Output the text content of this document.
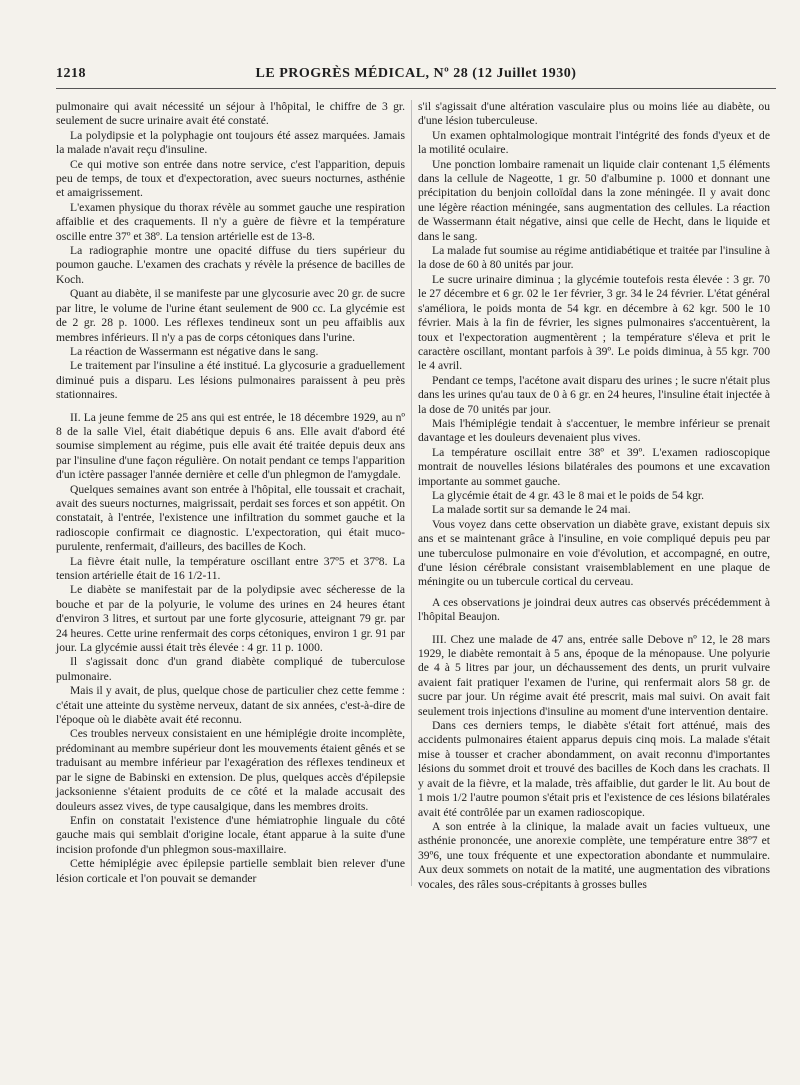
1218	LE PROGRÈS MÉDICAL, Nº 28 (12 Juillet 1930)

pulmonaire qui avait nécessité un séjour à l'hôpital, le chiffre de 3 gr. seulement de sucre urinaire avait été constaté.

La polydipsie et la polyphagie ont toujours été assez marquées. Jamais la malade n'avait reçu d'insuline.

Ce qui motive son entrée dans notre service, c'est l'apparition, depuis peu de temps, de toux et d'expectoration, avec sueurs nocturnes, asthénie et amaigrissement.

L'examen physique du thorax révèle au sommet gauche une respiration affaiblie et des craquements. Il n'y a guère de fièvre et la température oscille entre 37º et 38º. La tension artérielle est de 13-8.

La radiographie montre une opacité diffuse du tiers supérieur du poumon gauche. L'examen des crachats y révèle la présence de bacilles de Koch.

Quant au diabète, il se manifeste par une glycosurie avec 20 gr. de sucre par litre, le volume de l'urine étant seulement de 900 cc. La glycémie est de 2 gr. 28 p. 1000. Les réflexes tendineux sont un peu affaiblis aux membres inférieurs. Il n'y a pas de corps cétoniques dans l'urine.

La réaction de Wassermann est négative dans le sang.

Le traitement par l'insuline a été institué. La glycosurie a graduellement diminué puis a disparu. Les lésions pulmonaires paraissent à peu près stationnaires.

II. La jeune femme de 25 ans qui est entrée, le 18 décembre 1929, au nº 8 de la salle Viel, était diabétique depuis 6 ans. Elle avait d'abord été soumise simplement au régime, puis elle avait été traitée depuis deux ans par l'insuline d'une façon régulière. On notait pendant ce temps l'apparition d'un ictère passager l'année dernière et celle d'un phlegmon de l'amygdale.

Quelques semaines avant son entrée à l'hôpital, elle toussait et crachait, avait des sueurs nocturnes, maigrissait, perdait ses forces et son appétit. On constatait, à l'entrée, l'existence une infiltration du sommet gauche et la radioscopie confirmait ce diagnostic. L'expectoration, qui était muco-purulente, renfermait, d'ailleurs, des bacilles de Koch.

La fièvre était nulle, la température oscillant entre 37º5 et 37º8. La tension artérielle était de 16 1/2-11.

Le diabète se manifestait par de la polydipsie avec sécheresse de la bouche et par de la polyurie, le volume des urines en 24 heures étant d'environ 3 litres, et surtout par une forte glycosurie, atteignant 79 gr. par 24 heures. Cette urine renfermait des corps cétoniques, environ 1 gr. 91 par jour. La glycémie aussi était très élevée : 4 gr. 11 p. 1000.

Il s'agissait donc d'un grand diabète compliqué de tuberculose pulmonaire.

Mais il y avait, de plus, quelque chose de particulier chez cette femme : c'était une atteinte du système nerveux, datant de six années, c'est-à-dire de l'époque où le diabète avait été reconnu.

Ces troubles nerveux consistaient en une hémiplégie droite incomplète, prédominant au membre supérieur dont les mouvements étaient gênés et se traduisant au membre inférieur par l'exagération des réflexes tendineux et par le signe de Babinski en extension. De plus, quelques accès d'épilepsie jacksonienne s'étaient produits de ce côté et la malade accusait des douleurs assez vives, de type causalgique, dans les membres droits.

Enfin on constatait l'existence d'une hémiatrophie linguale du côté gauche mais qui semblait d'origine locale, étant apparue à la suite d'une incision profonde d'un phlegmon sous-maxillaire.

Cette hémiplégie avec épilepsie partielle semblait bien relever d'une lésion corticale et l'on pouvait se demander

s'il s'agissait d'une altération vasculaire plus ou moins liée au diabète, ou d'une lésion tuberculeuse.

Un examen ophtalmologique montrait l'intégrité des fonds d'yeux et de la motilité oculaire.

Une ponction lombaire ramenait un liquide clair contenant 1,5 éléments dans la cellule de Nageotte, 1 gr. 50 d'albumine p. 1000 et donnant une précipitation du benjoin colloïdal dans la zone méningée. Il y avait donc une légère réaction méningée, sans augmentation des cellules. La réaction de Wassermann était négative, ainsi que celle de Hecht, dans le liquide et dans le sang.

La malade fut soumise au régime antidiabétique et traitée par l'insuline à la dose de 60 à 80 unités par jour.

Le sucre urinaire diminua ; la glycémie toutefois resta élevée : 3 gr. 70 le 27 décembre et 6 gr. 02 le 1er février, 3 gr. 34 le 24 février. L'état général s'améliora, le poids monta de 54 kgr. en décembre à 62 kgr. 500 le 10 février. Mais à la fin de février, les signes pulmonaires s'accentuèrent, la toux et l'expectoration augmentèrent ; la température s'éleva et prit le caractère oscillant, montant parfois à 39º. Le poids diminua, à 55 kgr. 700 le 4 avril.

Pendant ce temps, l'acétone avait disparu des urines ; le sucre n'était plus dans les urines qu'au taux de 0 à 6 gr. en 24 heures, l'insuline était injectée à la dose de 70 unités par jour.

Mais l'hémiplégie tendait à s'accentuer, le membre inférieur se prenait davantage et les douleurs devenaient plus vives.

La température oscillait entre 38º et 39º. L'examen radioscopique montrait de nouvelles lésions bilatérales des poumons et une excavation importante au sommet gauche.

La glycémie était de 4 gr. 43 le 8 mai et le poids de 54 kgr.

La malade sortit sur sa demande le 24 mai.

Vous voyez dans cette observation un diabète grave, existant depuis six ans et se maintenant grâce à l'insuline, en voie compliqué depuis peu par une tuberculose pulmonaire en voie d'évolution, et accompagné, en outre, d'une lésion cérébrale consistant vraisemblablement en une plaque de méningite ou un tubercule cortical du cerveau.

A ces observations je joindrai deux autres cas observés précédemment à l'hôpital Beaujon.

III. Chez une malade de 47 ans, entrée salle Debove nº 12, le 28 mars 1929, le diabète remontait à 5 ans, époque de la ménopause. Une polyurie de 4 à 5 litres par jour, un déchaussement des dents, un prurit vulvaire avaient fait pratiquer l'examen de l'urine, qui renfermait alors 58 gr. de sucre par jour. Un régime avait été prescrit, mais mal suivi. On avait fait seulement trois injections d'insuline au moment d'une intervention dentaire.

Dans ces derniers temps, le diabète s'était fort atténué, mais des accidents pulmonaires étaient apparus depuis cinq mois. La malade s'était mise à tousser et cracher abondamment, on avait reconnu d'importantes lésions du sommet droit et trouvé des bacilles de Koch dans les crachats. Il y avait de la fièvre, et la malade, très affaiblie, dut garder le lit. Au bout de 1 mois 1/2 l'autre poumon s'était pris et l'existence de ces lésions bilatérales avait été contrôlée par un examen radioscopique.

A son entrée à la clinique, la malade avait un facies vultueux, une asthénie prononcée, une anorexie complète, une température entre 38º7 et 39º6, une toux fréquente et une expectoration abondante et nummulaire. Aux deux sommets on notait de la matité, une augmentation des vibrations vocales, des râles sous-crépitants à grosses bulles
